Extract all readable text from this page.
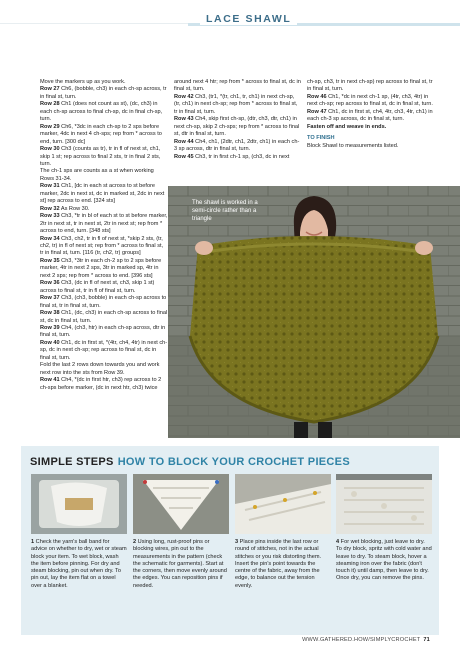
LACE SHAWL

Move the markers up as you work.

Row 27 Ch6, (bobble, ch3) in each ch-sp across, tr in final st, turn.

Row 28 Ch1 (does not count as st), (dc, ch3) in each ch-sp across to final ch-sp, dc in final ch-sp, turn.

Row 29 Ch6, *3dc in each ch-sp to 2 sps before marker, 4dc in next 4 ch-sps; rep from * across to end, turn. [300 dc]

Row 30 Ch3 (counts as tr), tr in fl of next st, ch1, skip 1 st; rep across to final 2 sts, tr in final 2 sts, turn.

The ch-1 sps are counts as a st when working Rows 31-34.

Row 31 Ch1, [dc in each st across to st before marker, 2dc in next st, dc in marked st, 2dc in next st] rep across to end. [324 sts]

Row 32 As Row 30.

Row 33 Ch3, *tr in bl of each st to st before marker, 2tr in next st, tr in next st, 2tr in next st; rep from * across to end, turn. [348 sts]

Row 34 Ch3, ch2, tr in fl of next st, *skip 2 sts, (tr, ch2, tr) in fl of next st; rep from * across to final st, tr in final st, turn. [116 (tr, ch2, tr) groups]

Row 35 Ch3, *3tr in each ch-2 sp to 2 sps before marker, 4tr in next 2 sps, 3tr in marked sp, 4tr in next 2 sps; rep from * across to end. [396 sts]

Row 36 Ch3, (dc in fl of next st, ch3, skip 1 st) across to final st, tr in fl of final st, turn.

Row 37 Ch3, (ch3, bobble) in each ch-sp across to final st, tr in final st, turn.

Row 38 Ch1, (dc, ch3) in each ch-sp across to final st, dc in final st, turn.

Row 39 Ch4, (ch3, htr) in each ch-sp across, dtr in final st, turn.

Row 40 Ch1, dc in first st, *(4tr, ch4, 4tr) in next ch-sp, dc in next ch-sp; rep across to final st, dc in final st, turn.

Fold the last 2 rows down towards you and work next row into the sts from Row 39.

Row 41 Ch4, *(dc in first htr, ch3) rep across to 2 ch-sps before marker, (dc in next htr, ch3) twice

around next 4 htr; rep from * across to final st, dc in final st, turn.

Row 42 Ch3, (tr1, *(tr, ch1, tr, ch1) in next ch-sp, (tr, ch1) in next ch-sp; rep from * across to final st, tr in final st, turn.

Row 43 Ch4, skip first ch-sp, (dtr, ch3, dtr, ch1) in next ch-sp, skip 2 ch-sps; rep from * across to final st, dtr in final st, turn.

Row 44 Ch4, ch1, (2dtr, ch1, 2dtr, ch1) in each ch-3 sp across, dtr in final st, turn.

Row 45 Ch3, tr in first ch-1 sp, (ch3, dc in next

ch-sp, ch3, tr in next ch-sp) rep across to final st, tr in final st, turn.

Row 46 Ch1, *dc in next ch-1 sp, (4tr, ch3, 4tr) in next ch-sp; rep across to final st, dc in final st, turn.

Row 47 Ch1, dc in first st, ch4, 4tr, ch3, 4tr, ch1) in each ch-3 sp across, dc in final st, turn.

Fasten off and weave in ends.

TO FINISH

Block Shawl to measurements listed.

The shawl is worked in a semi-circle rather than a triangle
SIMPLE STEPS HOW TO BLOCK YOUR CROCHET PIECES
1 Check the yarn's ball band for advice on whether to dry, wet or steam block your item. To wet block, wash the item before pinning. For dry and steam blocking, pin out when dry. To pin out, lay the item flat on a towel over a blanket.
2 Using long, rust-proof pins or blocking wires, pin out to the measurements in the pattern (check the schematic for garments). Start at the corners, then move evenly around the edges. You can reposition pins if needed.
3 Place pins inside the last row or round of stitches, not in the actual stitches or you risk distorting them. Insert the pin's point towards the centre of the fabric, away from the edge, to balance out the tension evenly.
4 For wet blocking, just leave to dry. To dry block, spritz with cold water and leave to dry. To steam block, hover a steaming iron over the fabric (don't touch it) until damp, then leave to dry. Once dry, you can remove the pins.
WWW.GATHERED.HOW/SIMPLYCROCHET 71
